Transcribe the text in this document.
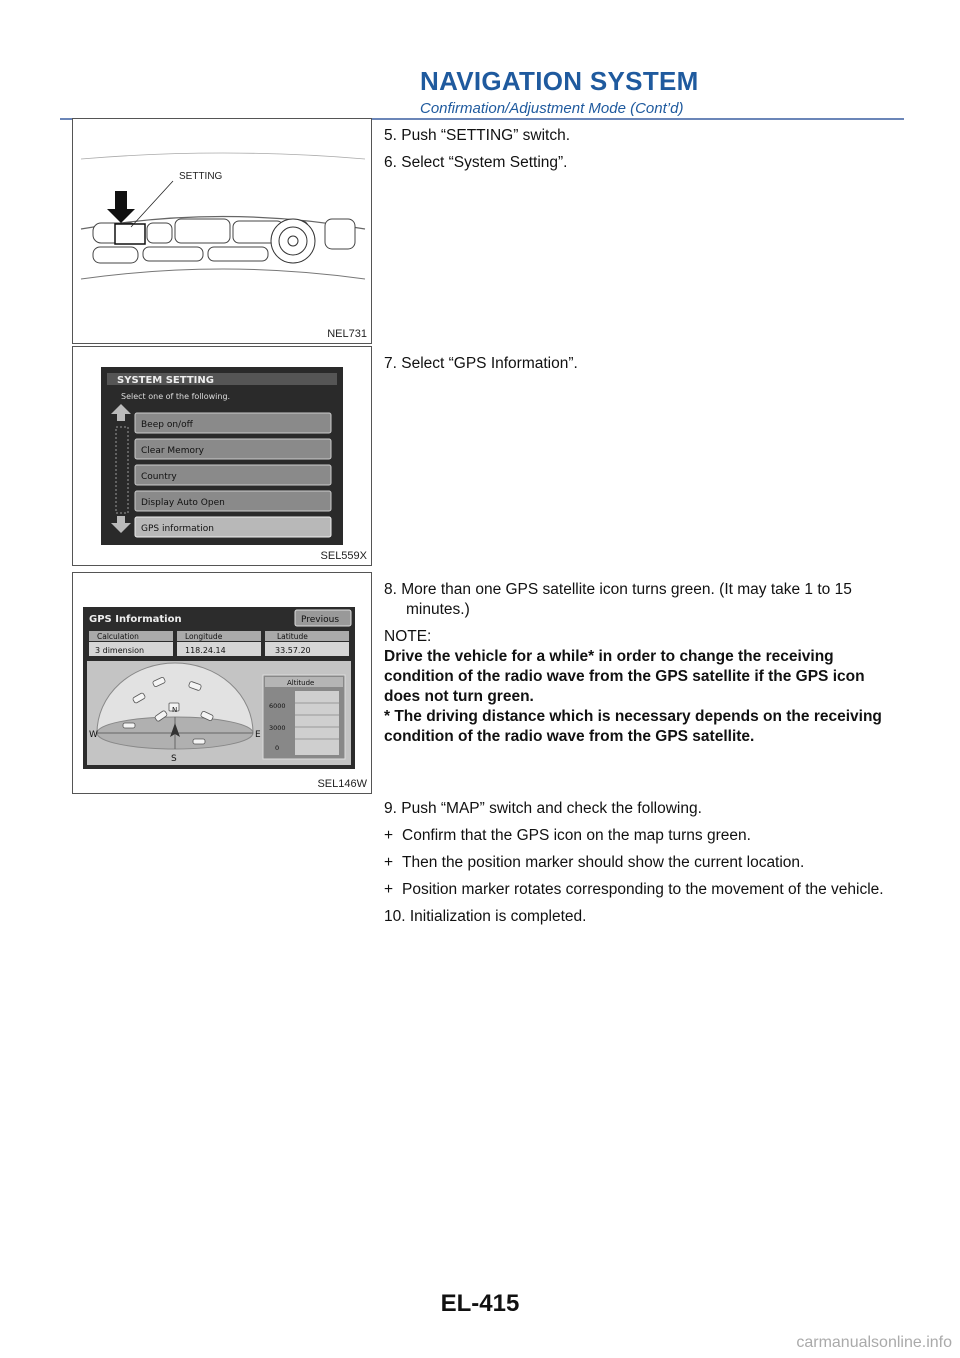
NAVIGATION SYSTEM
Confirmation/Adjustment Mode (Cont’d)
SETTING
NEL731
SYSTEM SETTING
Select one of the following.
Beep on/off
Clear Memory
Country
Display Auto Open
GPS information
SEL559X
GPS Information	Previous
Calculation
3 dimension
Longitude
118.24.14
Latitude
33.57.20
W	E
S
N
Altitude
6000
3000
0
SEL146W

5. Push “SETTING” switch.

6. Select “System Setting”.

7. Select “GPS Information”.

8. More than one GPS satellite icon turns green. (It may take 1 to 15 minutes.)

NOTE:

Drive the vehicle for a while* in order to change the receiving condition of the radio wave from the GPS satellite if the GPS icon does not turn green.

* The driving distance which is necessary depends on the receiving condition of the radio wave from the GPS satellite.

9. Push “MAP” switch and check the following.

+ Confirm that the GPS icon on the map turns green.
+ Then the position marker should show the current location.
+ Position marker rotates corresponding to the movement of the vehicle.

10. Initialization is completed.

EL-415
carmanualsonline.info
